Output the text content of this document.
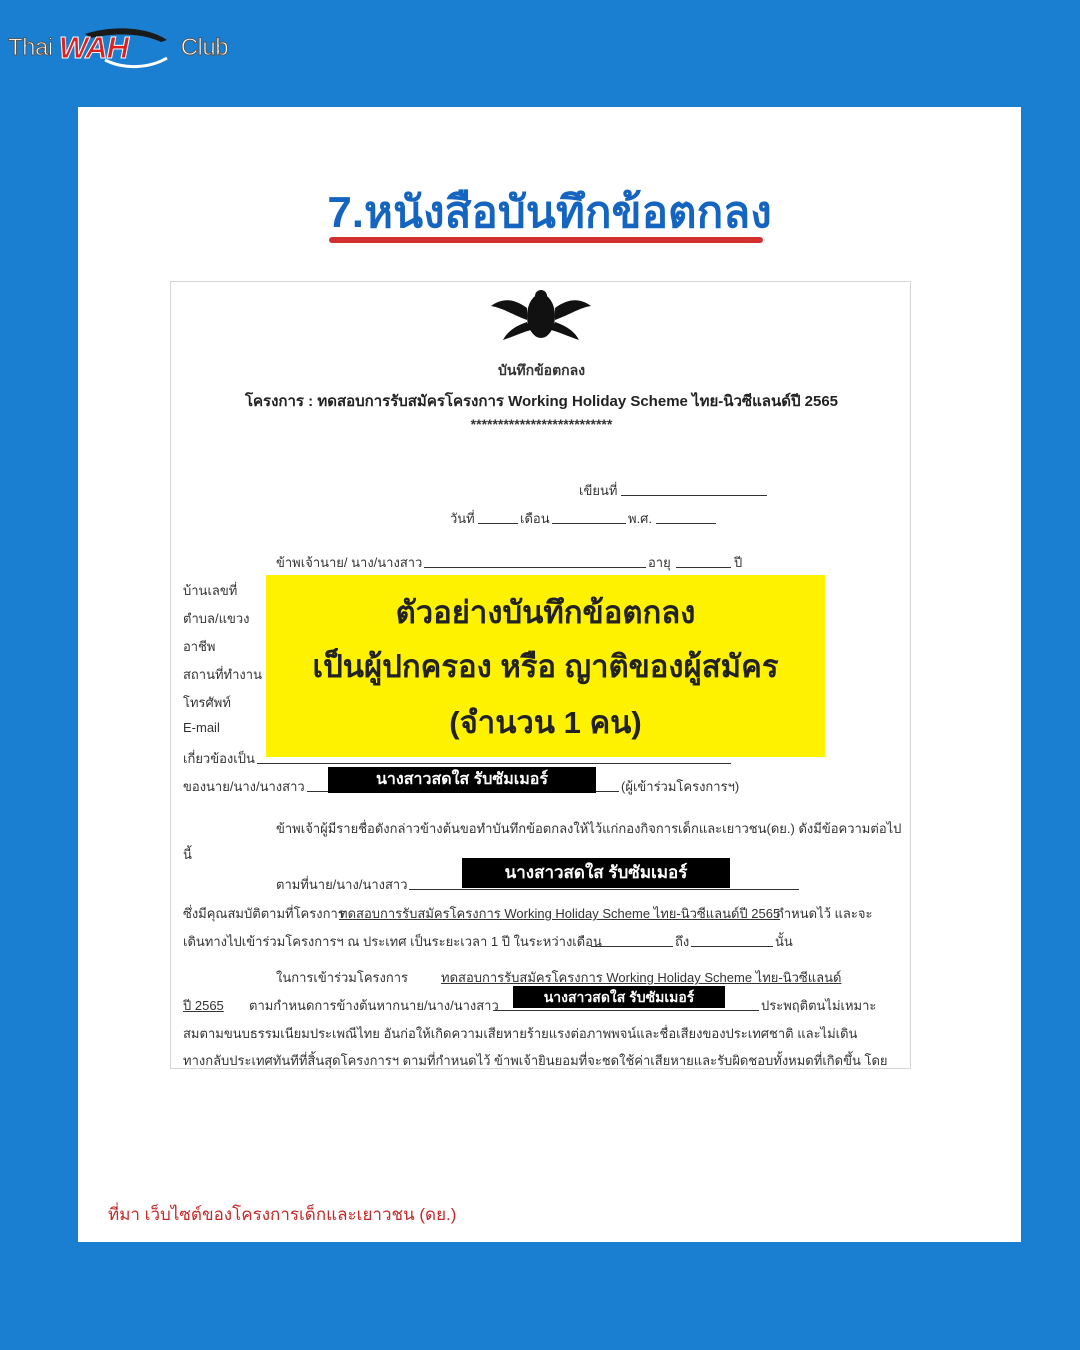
Thai WAH Club
7.หนังสือบันทึกข้อตกลง
ที่มา เว็บไซต์ของโครงการเด็กและเยาวชน (ดย.)
บันทึกข้อตกลง
โครงการ : ทดสอบการรับสมัครโครงการ Working Holiday Scheme ไทย-นิวซีแลนด์ปี 2565
**************************
เขียนที่
วันที่	เดือน	พ.ศ.
ข้าพเจ้านาย/ นาง/นางสาว	อายุ	ปี
บ้านเลขที่
ตำบล/แขวง
อาชีพ
สถานที่ทำงาน
โทรศัพท์
E-mail
เกี่ยวข้องเป็น
ตัวอย่างบันทึกข้อตกลง
เป็นผู้ปกครอง หรือ ญาติของผู้สมัคร
(จำนวน 1 คน)
ของนาย/นาง/นางสาว	นางสาวสดใส รับซัมเมอร์	(ผู้เข้าร่วมโครงการฯ)
ข้าพเจ้าผู้มีรายชื่อดังกล่าวข้างต้นขอทำบันทึกข้อตกลงให้ไว้แก่กองกิจการเด็กและเยาวชน(ดย.) ดังมีข้อความต่อไป
นี้
ตามที่นาย/นาง/นางสาว
นางสาวสดใส รับซัมเมอร์
ซึ่งมีคุณสมบัติตามที่โครงการ
ทดสอบการรับสมัครโครงการ Working Holiday Scheme ไทย-นิวซีแลนด์ปี 2565
กำหนดไว้ และจะ
เดินทางไปเข้าร่วมโครงการฯ ณ ประเทศ เป็นระยะเวลา 1 ปี ในระหว่างเดือน	ถึง	นั้น
ในการเข้าร่วมโครงการ	ทดสอบการรับสมัครโครงการ Working Holiday Scheme ไทย-นิวซีแลนด์
ปี 2565 ตามกำหนดการข้างต้นหากนาย/นาง/นางสาว
นางสาวสดใส รับซัมเมอร์
ประพฤติตนไม่เหมาะ
สมตามขนบธรรมเนียมประเพณีไทย อันก่อให้เกิดความเสียหายร้ายแรงต่อภาพพจน์และชื่อเสียงของประเทศชาติ และไม่เดิน
ทางกลับประเทศทันทีที่สิ้นสุดโครงการฯ ตามที่กำหนดไว้ ข้าพเจ้ายินยอมที่จะชดใช้ค่าเสียหายและรับผิดชอบทั้งหมดที่เกิดขึ้น โดย
